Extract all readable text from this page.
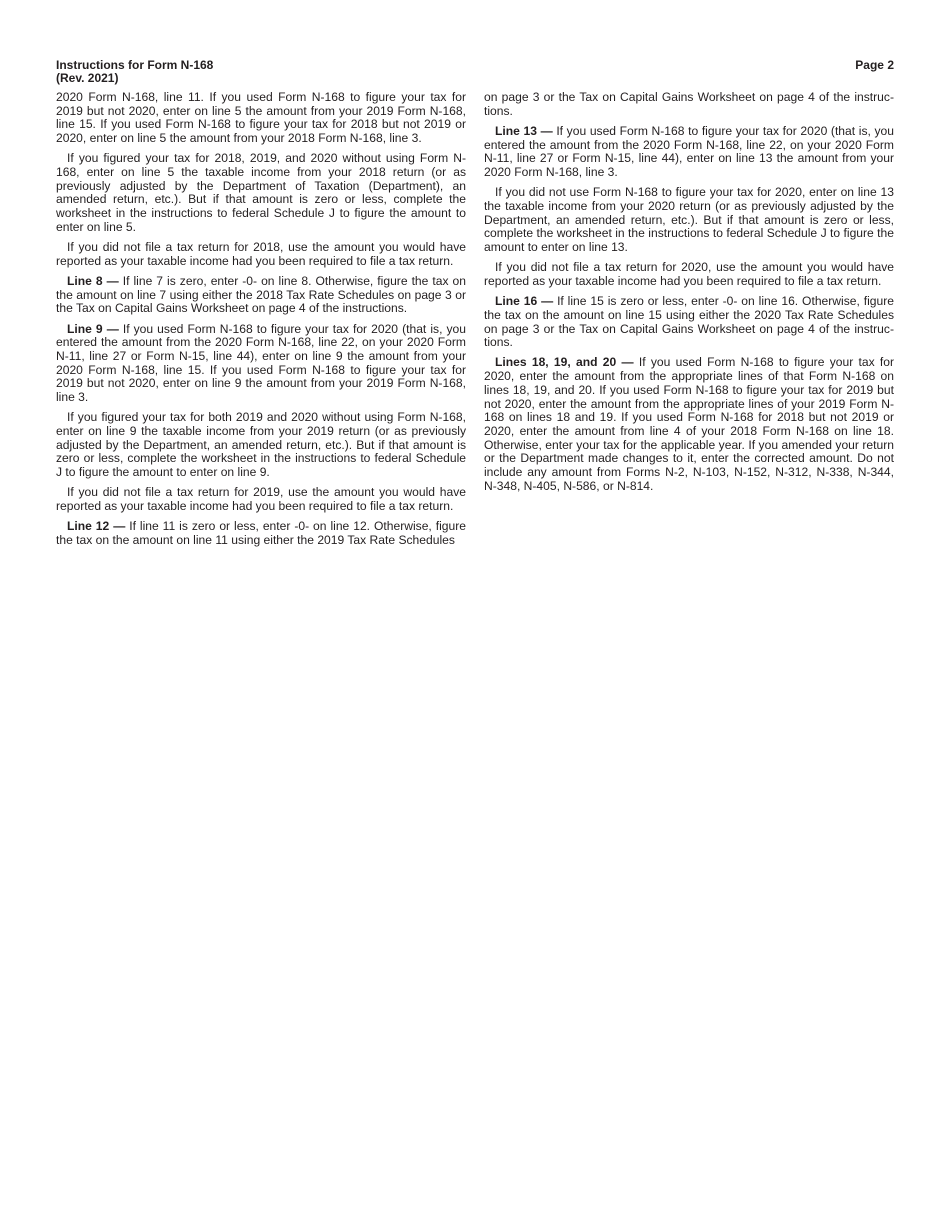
Instructions for Form N-168
(Rev. 2021)
Page 2

2020 Form N-168, line 11. If you used Form N-168 to figure your tax for 2019 but not 2020, enter on line 5 the amount from your 2019 Form N-168, line 15. If you used Form N-168 to figure your tax for 2018 but not 2019 or 2020, enter on line 5 the amount from your 2018 Form N-168, line 3.

If you figured your tax for 2018, 2019, and 2020 without using Form N-168, enter on line 5 the taxable income from your 2018 return (or as previously adjusted by the Department of Taxation (Department), an amended return, etc.). But if that amount is zero or less, complete the worksheet in the instructions to federal Schedule J to figure the amount to enter on line 5.

If you did not file a tax return for 2018, use the amount you would have reported as your taxable income had you been required to file a tax return.

Line 8 — If line 7 is zero, enter -0- on line 8. Otherwise, figure the tax on the amount on line 7 using either the 2018 Tax Rate Schedules on page 3 or the Tax on Capital Gains Worksheet on page 4 of the instructions.

Line 9 — If you used Form N-168 to figure your tax for 2020 (that is, you entered the amount from the 2020 Form N-168, line 22, on your 2020 Form N-11, line 27 or Form N-15, line 44), enter on line 9 the amount from your 2020 Form N-168, line 15. If you used Form N-168 to figure your tax for 2019 but not 2020, enter on line 9 the amount from your 2019 Form N-168, line 3.

If you figured your tax for both 2019 and 2020 without using Form N-168, enter on line 9 the taxable income from your 2019 return (or as previously adjusted by the Department, an amended return, etc.). But if that amount is zero or less, complete the worksheet in the instructions to federal Schedule J to figure the amount to enter on line 9.

If you did not file a tax return for 2019, use the amount you would have reported as your taxable income had you been required to file a tax return.

Line 12 — If line 11 is zero or less, enter -0- on line 12. Otherwise, figure the tax on the amount on line 11 using either the 2019 Tax Rate Schedules

on page 3 or the Tax on Capital Gains Worksheet on page 4 of the instructions.

Line 13 — If you used Form N-168 to figure your tax for 2020 (that is, you entered the amount from the 2020 Form N-168, line 22, on your 2020 Form N-11, line 27 or Form N-15, line 44), enter on line 13 the amount from your 2020 Form N-168, line 3.

If you did not use Form N-168 to figure your tax for 2020, enter on line 13 the taxable income from your 2020 return (or as previously adjusted by the Department, an amended return, etc.). But if that amount is zero or less, complete the worksheet in the instructions to federal Schedule J to figure the amount to enter on line 13.

If you did not file a tax return for 2020, use the amount you would have reported as your taxable income had you been required to file a tax return.

Line 16 — If line 15 is zero or less, enter -0- on line 16. Otherwise, figure the tax on the amount on line 15 using either the 2020 Tax Rate Schedules on page 3 or the Tax on Capital Gains Worksheet on page 4 of the instructions.

Lines 18, 19, and 20 — If you used Form N-168 to figure your tax for 2020, enter the amount from the appropriate lines of that Form N-168 on lines 18, 19, and 20. If you used Form N-168 to figure your tax for 2019 but not 2020, enter the amount from the appropriate lines of your 2019 Form N-168 on lines 18 and 19. If you used Form N-168 for 2018 but not 2019 or 2020, enter the amount from line 4 of your 2018 Form N-168 on line 18. Otherwise, enter your tax for the applicable year. If you amended your return or the Department made changes to it, enter the corrected amount. Do not include any amount from Forms N-2, N-103, N-152, N-312, N-338, N-344, N-348, N-405, N-586, or N-814.
